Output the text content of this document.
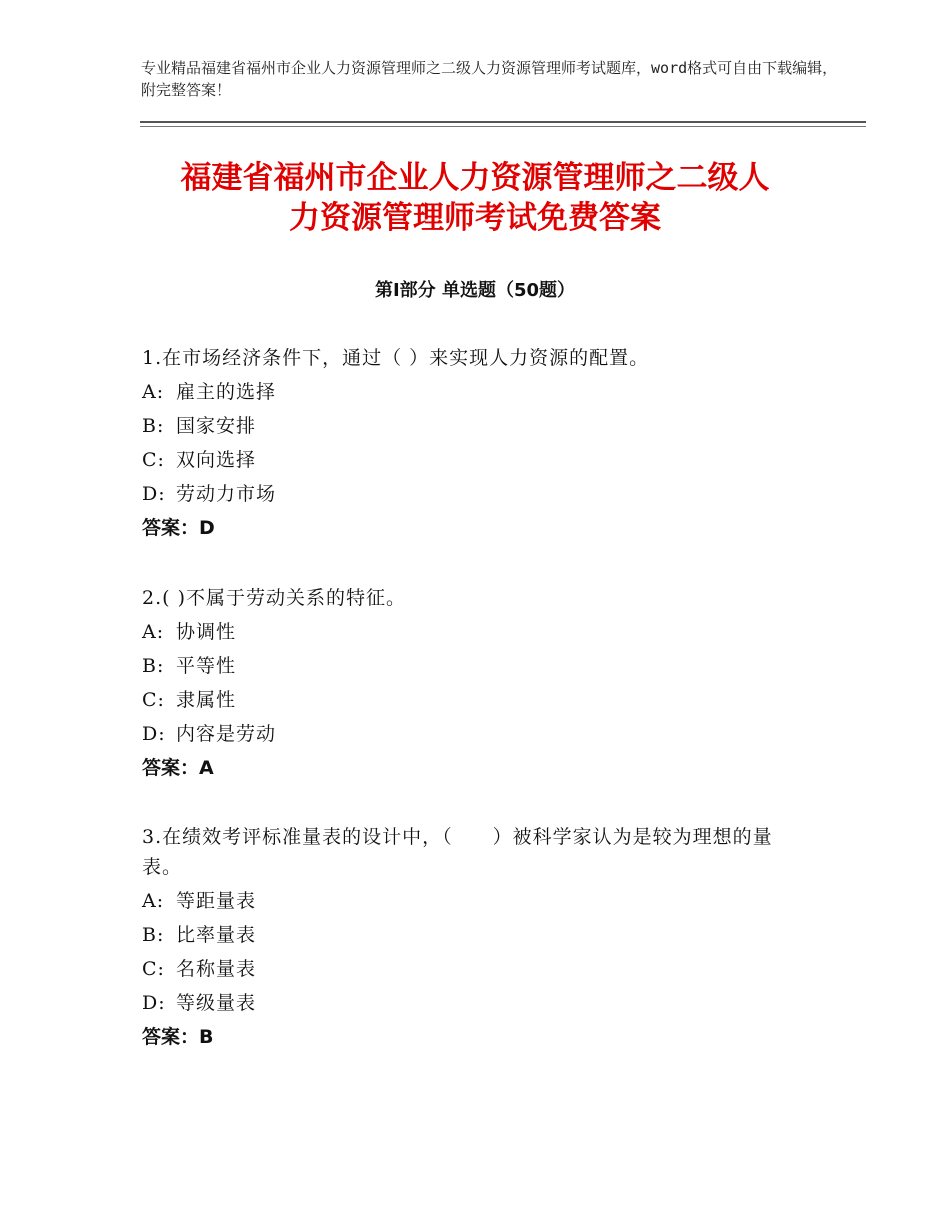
专业精品福建省福州市企业人力资源管理师之二级人力资源管理师考试题库，word格式可自由下载编辑，附完整答案！
福建省福州市企业人力资源管理师之二级人
力资源管理师考试免费答案
第Ⅰ部分 单选题（50题）
1.在市场经济条件下，通过（ ）来实现人力资源的配置。
A: 雇主的选择
B: 国家安排
C: 双向选择
D: 劳动力市场
答案：D
2.( )不属于劳动关系的特征。
A: 协调性
B: 平等性
C: 隶属性
D: 内容是劳动
答案：A
3.在绩效考评标准量表的设计中，（　　）被科学家认为是较为理想的量表。
A: 等距量表
B: 比率量表
C: 名称量表
D: 等级量表
答案：B
